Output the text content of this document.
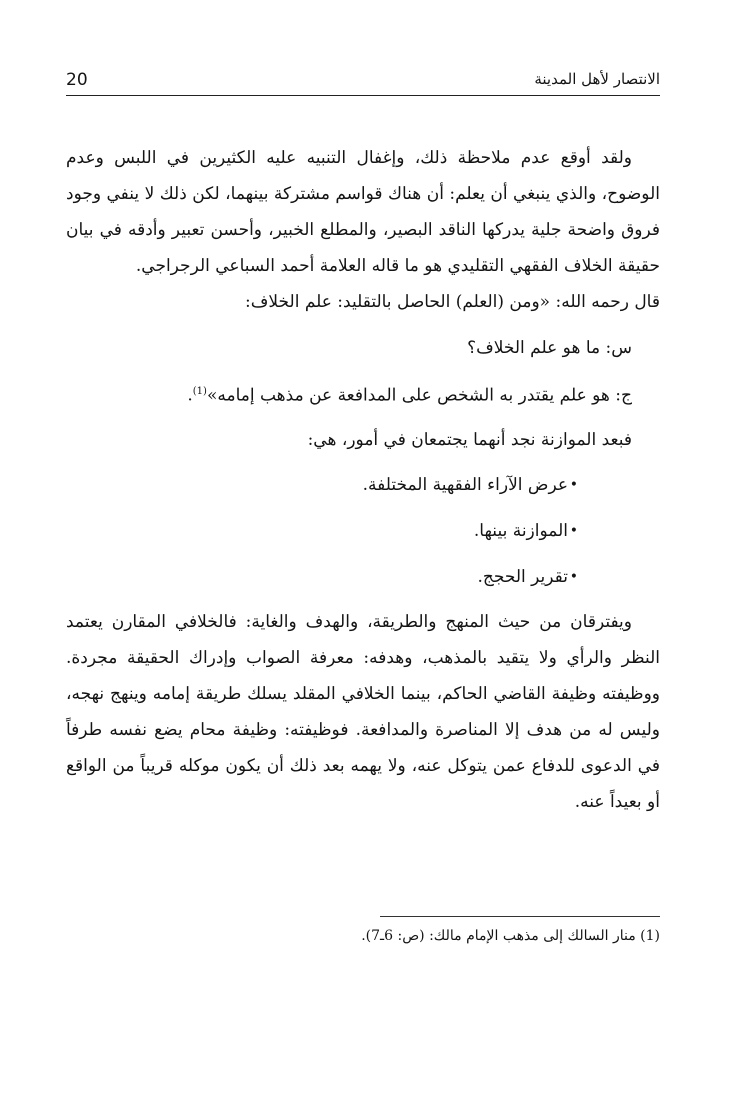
20	الانتصار لأهل المدينة

ولقد أوقع عدم ملاحظة ذلك، وإغفال التنبيه عليه الكثيرين في اللبس وعدم الوضوح، والذي ينبغي أن يعلم: أن هناك قواسم مشتركة بينهما، لكن ذلك لا ينفي وجود فروق واضحة جلية يدركها الناقد البصير، والمطلع الخبير، وأحسن تعبير وأدقه في بيان حقيقة الخلاف الفقهي التقليدي هو ما قاله العلامة أحمد السباعي الرجراجي.

قال رحمه الله: «ومن (العلم) الحاصل بالتقليد: علم الخلاف:

س: ما هو علم الخلاف؟

ج: هو علم يقتدر به الشخص على المدافعة عن مذهب إمامه»$^{(1)}$.

فبعد الموازنة نجد أنهما يجتمعان في أمور، هي:

•
عرض الآراء الفقهية المختلفة.
•
الموازنة بينها.
•
تقرير الحجج.

ويفترقان من حيث المنهج والطريقة، والهدف والغاية: فالخلافي المقارن يعتمد النظر والرأي ولا يتقيد بالمذهب، وهدفه: معرفة الصواب وإدراك الحقيقة مجردة. ووظيفته وظيفة القاضي الحاكم، بينما الخلافي المقلد يسلك طريقة إمامه وينهج نهجه، وليس له من هدف إلا المناصرة والمدافعة. فوظيفته: وظيفة محام يضع نفسه طرفاً في الدعوى للدفاع عمن يتوكل عنه، ولا يهمه بعد ذلك أن يكون موكله قريباً من الواقع أو بعيداً عنه.

(1) منار السالك إلى مذهب الإمام مالك: (ص: 6ـ7).
